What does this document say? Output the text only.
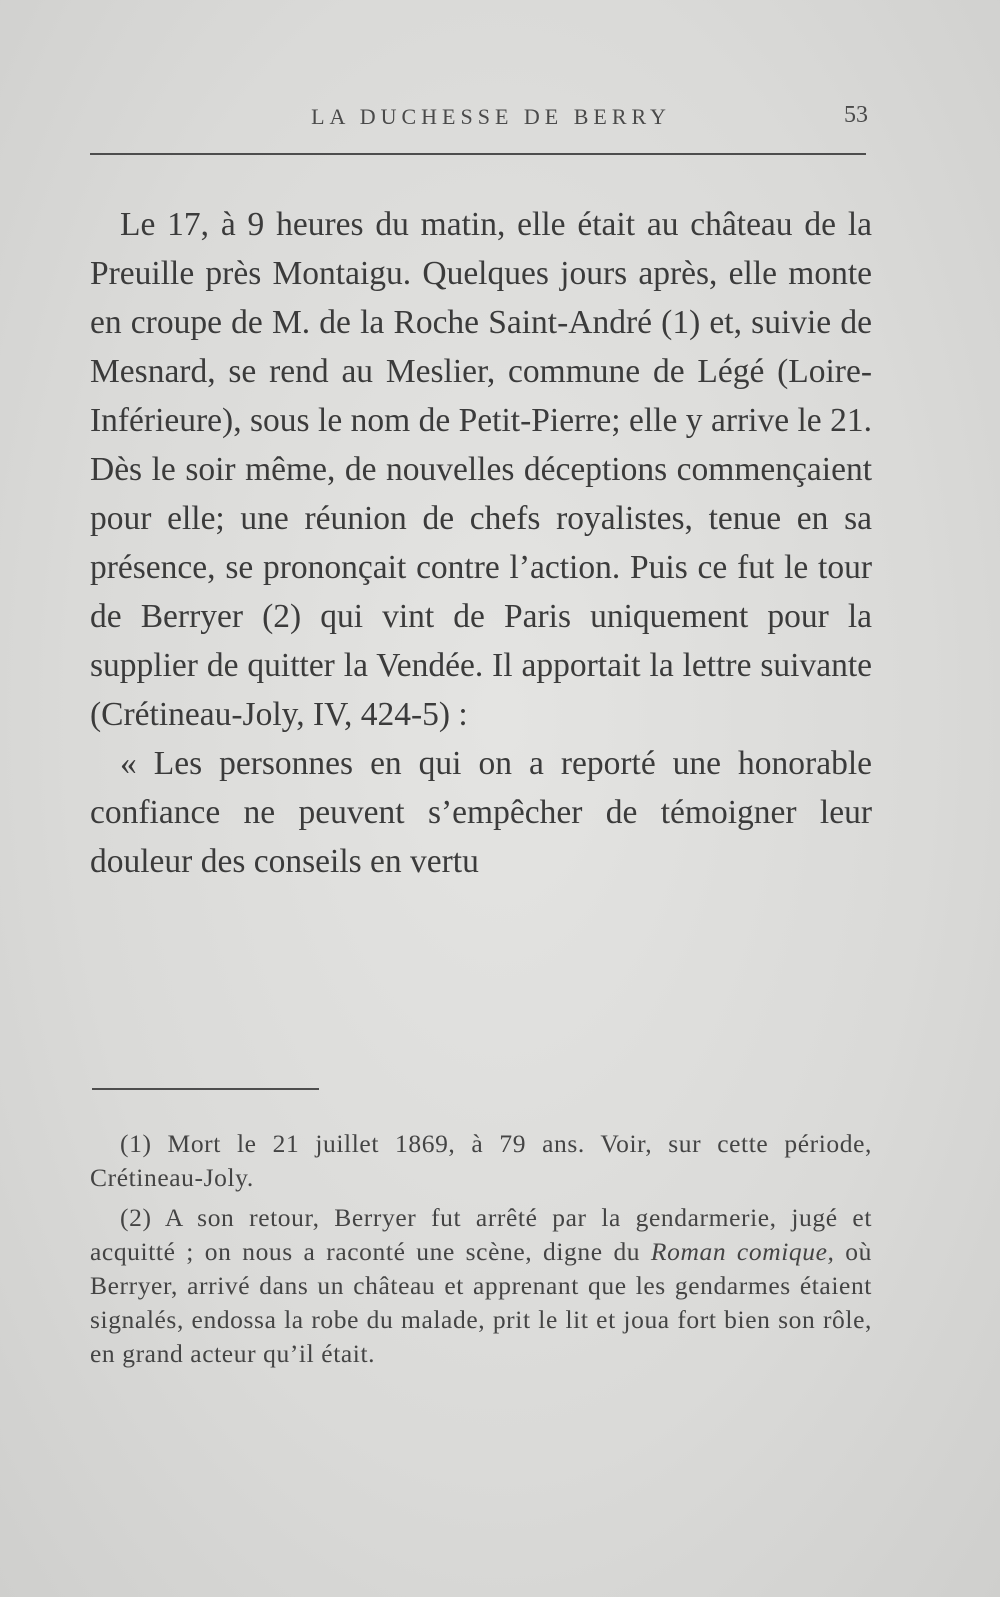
LA DUCHESSE DE BERRY	53

Le 17, à 9 heures du matin, elle était au château de la Preuille près Montaigu. Quelques jours après, elle monte en croupe de M. de la Roche Saint-André (1) et, suivie de Mesnard, se rend au Meslier, commune de Légé (Loire-Inférieure), sous le nom de Petit-Pierre; elle y arrive le 21. Dès le soir même, de nouvelles déceptions commençaient pour elle; une réunion de chefs royalistes, tenue en sa présence, se prononçait contre l’action. Puis ce fut le tour de Berryer (2) qui vint de Paris uniquement pour la supplier de quitter la Vendée. Il apportait la lettre suivante (Crétineau-Joly, IV, 424-5) :

« Les personnes en qui on a reporté une honorable confiance ne peuvent s’empêcher de témoigner leur douleur des conseils en vertu

(1) Mort le 21 juillet 1869, à 79 ans. Voir, sur cette période, Crétineau-Joly.

(2) A son retour, Berryer fut arrêté par la gendarmerie, jugé et acquitté ; on nous a raconté une scène, digne du Roman comique, où Berryer, arrivé dans un château et apprenant que les gendarmes étaient signalés, endossa la robe du malade, prit le lit et joua fort bien son rôle, en grand acteur qu’il était.
